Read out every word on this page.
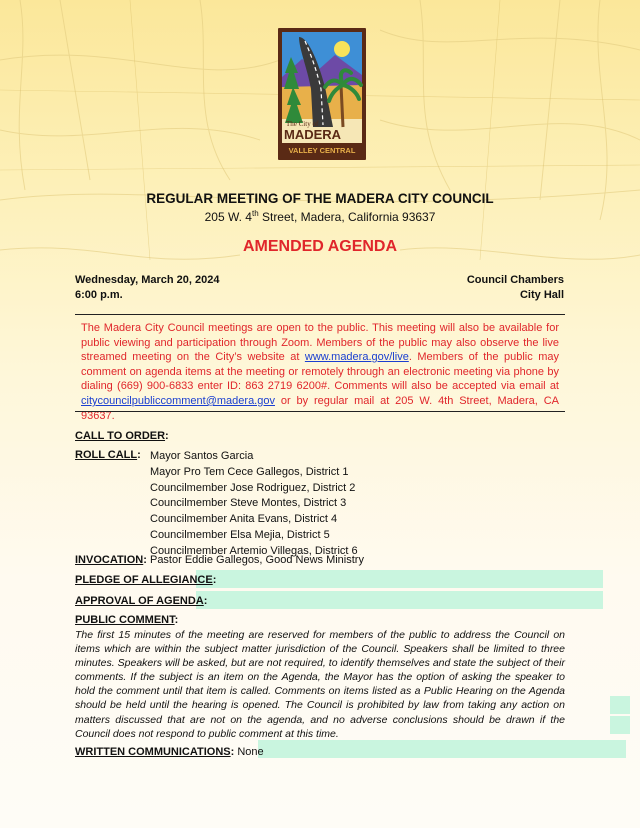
The City of
MADERA
VALLEY CENTRAL
REGULAR MEETING OF THE MADERA CITY COUNCIL
205 W. 4th Street, Madera, California 93637
AMENDED AGENDA
Wednesday, March 20, 2024
6:00 p.m.
Council Chambers
City Hall
The Madera City Council meetings are open to the public. This meeting will also be available for public viewing and participation through Zoom. Members of the public may also observe the live streamed meeting on the City’s website at www.madera.gov/live. Members of the public may comment on agenda items at the meeting or remotely through an electronic meeting via phone by dialing (669) 900-6833 enter ID: 863 2719 6200#. Comments will also be accepted via email at citycouncilpubliccomment@madera.gov or by regular mail at 205 W. 4th Street, Madera, CA 93637.
CALL TO ORDER:
ROLL CALL: Mayor Santos Garcia
Mayor Pro Tem Cece Gallegos, District 1
Councilmember Jose Rodriguez, District 2
Councilmember Steve Montes, District 3
Councilmember Anita Evans, District 4
Councilmember Elsa Mejia, District 5
Councilmember Artemio Villegas, District 6
INVOCATION: Pastor Eddie Gallegos, Good News Ministry
PLEDGE OF ALLEGIANCE:
APPROVAL OF AGENDA:
PUBLIC COMMENT:
The first 15 minutes of the meeting are reserved for members of the public to address the Council on items which are within the subject matter jurisdiction of the Council. Speakers shall be limited to three minutes. Speakers will be asked, but are not required, to identify themselves and state the subject of their comments. If the subject is an item on the Agenda, the Mayor has the option of asking the speaker to hold the comment until that item is called. Comments on items listed as a Public Hearing on the Agenda should be held until the hearing is opened. The Council is prohibited by law from taking any action on matters discussed that are not on the agenda, and no adverse conclusions should be drawn if the Council does not respond to public comment at this time.
WRITTEN COMMUNICATIONS: None
